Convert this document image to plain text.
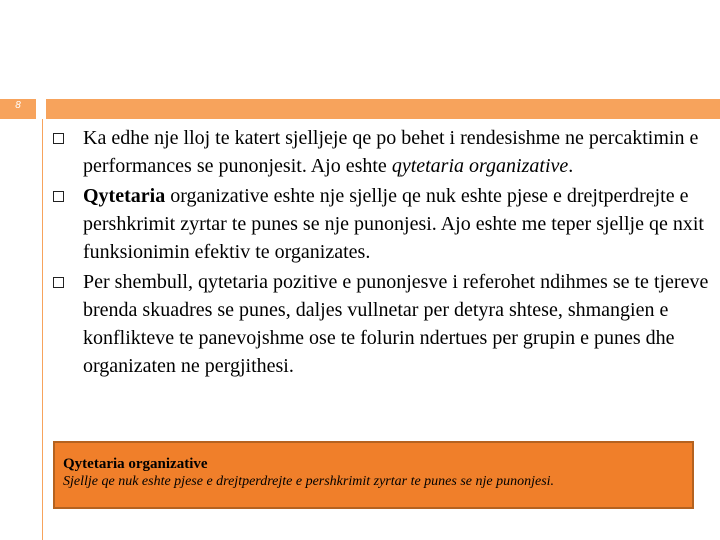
8
Ka edhe nje lloj te katert sjelljeje qe po behet i rendesishme ne percaktimin e performances se punonjesit. Ajo eshte qytetaria organizative.
Qytetaria organizative eshte nje sjellje qe nuk eshte pjese e drejtperdrejte e pershkrimit zyrtar te punes se nje punonjesi. Ajo eshte me teper sjellje qe nxit funksionimin efektiv te organizates.
Per shembull, qytetaria pozitive e punonjesve i referohet ndihmes se te tjereve brenda skuadres se punes, daljes vullnetar per detyra shtese, shmangien e konflikteve te panevojshme ose te folurin ndertues per grupin e punes dhe organizaten ne pergjithesi.
Qytetaria organizative
Sjellje qe nuk eshte pjese e drejtperdrejte e pershkrimit zyrtar te punes se nje punonjesi.
